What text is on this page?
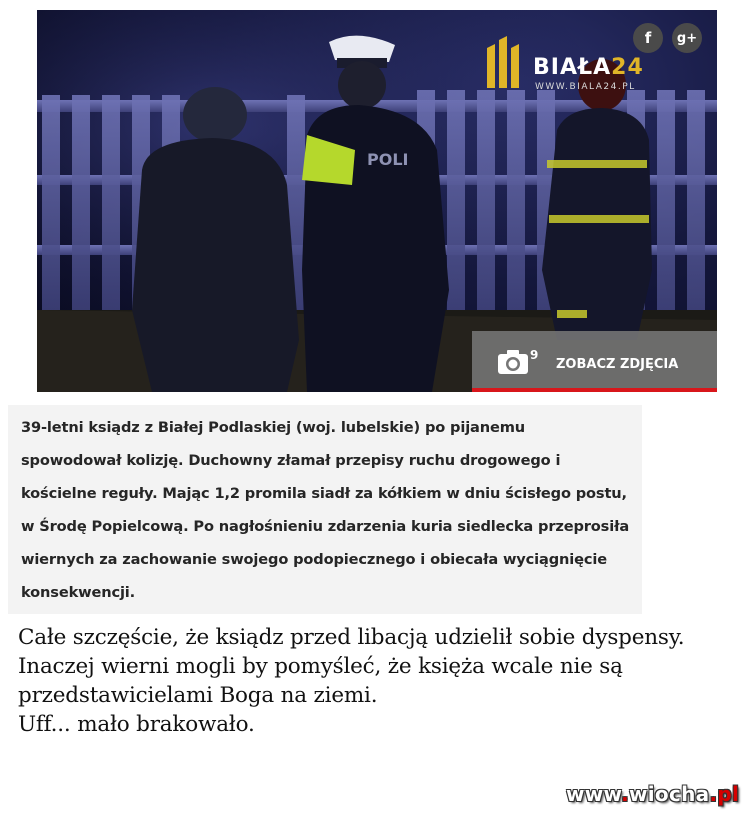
POLI
f	g+
BIAŁA24
WWW.BIALA24.PL
9
ZOBACZ ZDJĘCIA

39-letni ksiądz z Białej Podlaskiej (woj. lubelskie) po pijanemu

spowodował kolizję. Duchowny złamał przepisy ruchu drogowego i

kościelne reguły. Mając 1,2 promila siadł za kółkiem w dniu ścisłego postu,

w Środę Popielcową. Po nagłośnieniu zdarzenia kuria siedlecka przeprosiła

wiernych za zachowanie swojego podopiecznego i obiecała wyciągnięcie

konsekwencji.

Całe szczęście, że ksiądz przed libacją udzielił sobie dyspensy.
Inaczej wierni mogli by pomyśleć, że księża wcale nie są
przedstawicielami Boga na ziemi.
Uff... mało brakowało.
www.wiocha.pl
